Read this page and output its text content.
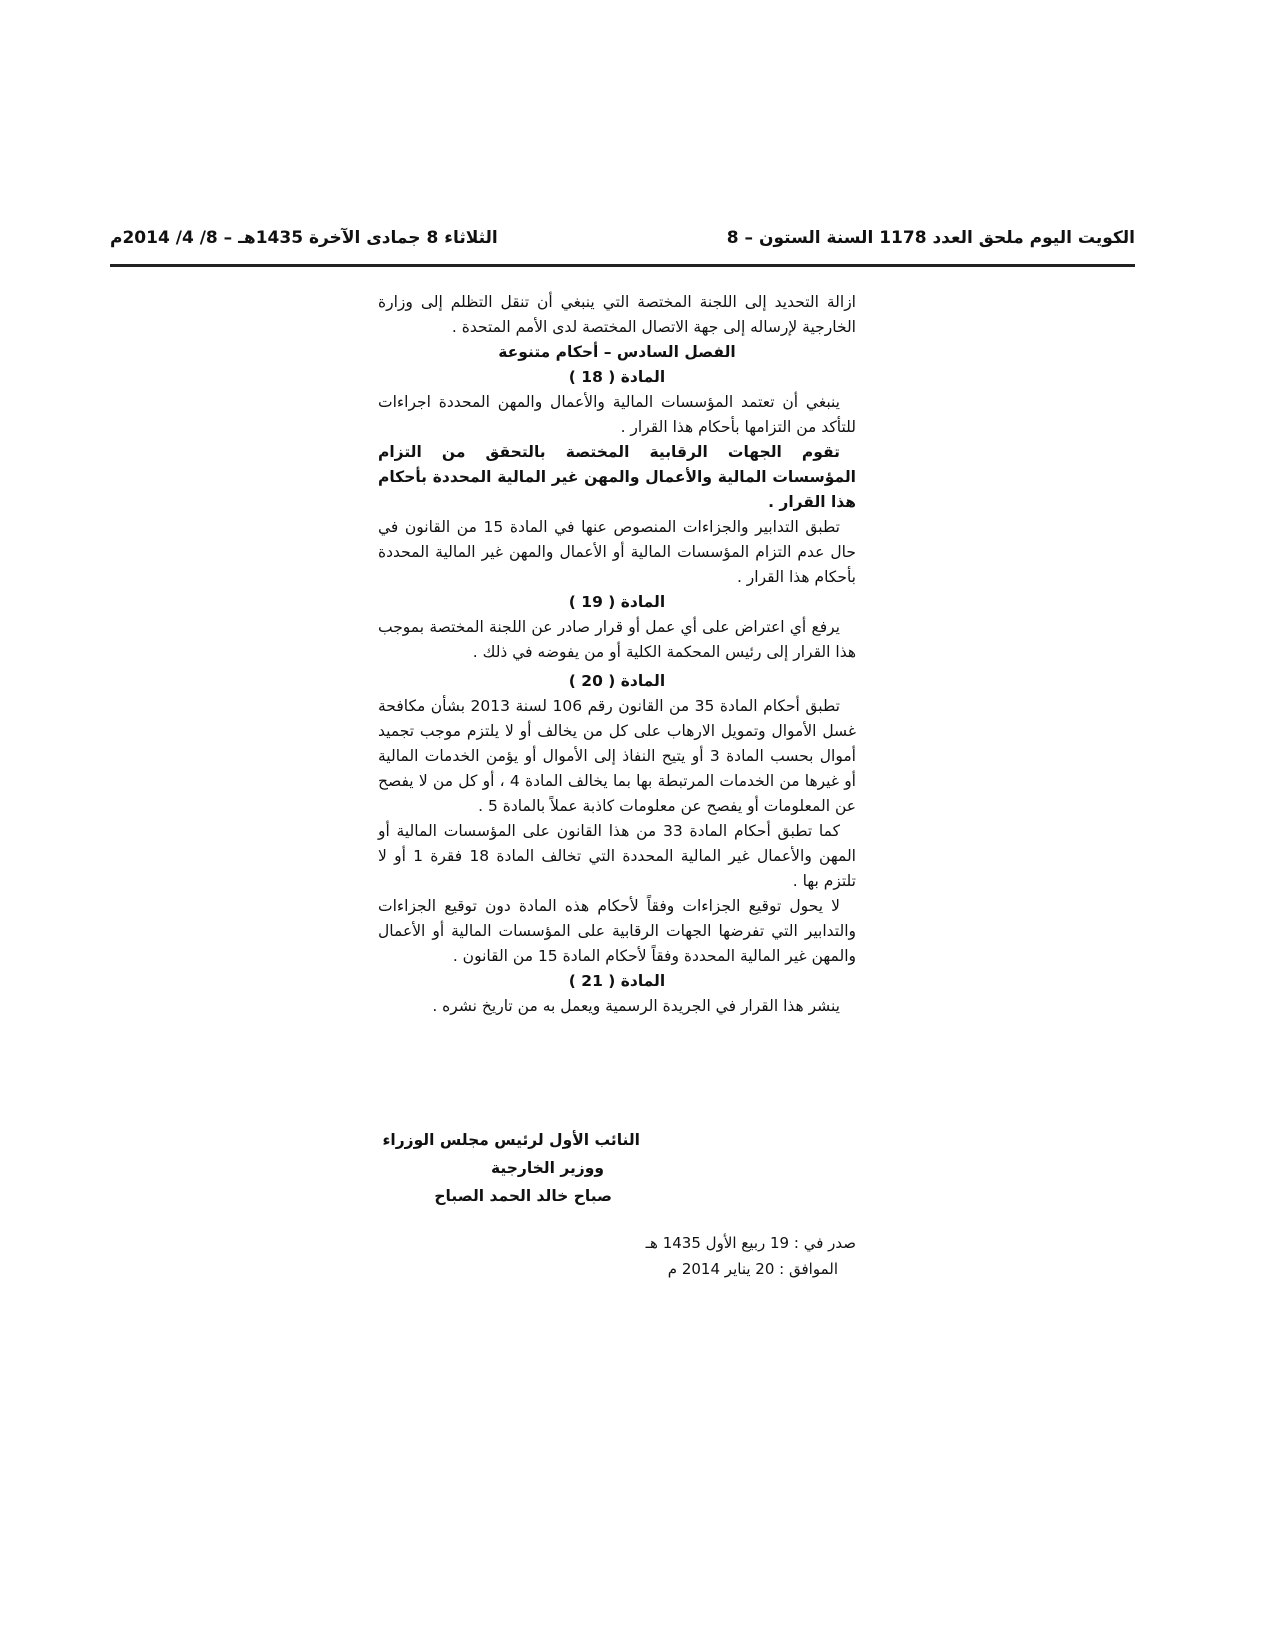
الكويت اليوم ملحق العدد 1178 السنة الستون – 8
الثلاثاء 8 جمادى الآخرة 1435هـ – 8/ 4/ 2014م

ازالة التحديد إلى اللجنة المختصة التي ينبغي أن تنقل التظلم إلى وزارة الخارجية لإرساله إلى جهة الاتصال المختصة لدى الأمم المتحدة .

الفصل السادس – أحكام متنوعة
المادة ( 18 )

ينبغي أن تعتمد المؤسسات المالية والأعمال والمهن المحددة اجراءات للتأكد من التزامها بأحكام هذا القرار .

تقوم الجهات الرقابية المختصة بالتحقق من التزام المؤسسات المالية والأعمال والمهن غير المالية المحددة بأحكام هذا القرار .

تطبق التدابير والجزاءات المنصوص عنها في المادة 15 من القانون في حال عدم التزام المؤسسات المالية أو الأعمال والمهن غير المالية المحددة بأحكام هذا القرار .

المادة ( 19 )

يرفع أي اعتراض على أي عمل أو قرار صادر عن اللجنة المختصة بموجب هذا القرار إلى رئيس المحكمة الكلية أو من يفوضه في ذلك .

المادة ( 20 )

تطبق أحكام المادة 35 من القانون رقم 106 لسنة 2013 بشأن مكافحة غسل الأموال وتمويل الارهاب على كل من يخالف أو لا يلتزم موجب تجميد أموال بحسب المادة 3 أو يتيح النفاذ إلى الأموال أو يؤمن الخدمات المالية أو غيرها من الخدمات المرتبطة بها بما يخالف المادة 4 ، أو كل من لا يفصح عن المعلومات أو يفصح عن معلومات كاذبة عملاً بالمادة 5 .

كما تطبق أحكام المادة 33 من هذا القانون على المؤسسات المالية أو المهن والأعمال غير المالية المحددة التي تخالف المادة 18 فقرة 1 أو لا تلتزم بها .

لا يحول توقيع الجزاءات وفقاً لأحكام هذه المادة دون توقيع الجزاءات والتدابير التي تفرضها الجهات الرقابية على المؤسسات المالية أو الأعمال والمهن غير المالية المحددة وفقاً لأحكام المادة 15 من القانون .

المادة ( 21 )

ينشر هذا القرار في الجريدة الرسمية ويعمل به من تاريخ نشره .

النائب الأول لرئيس مجلس الوزراء
ووزير الخارجية
صباح خالد الحمد الصباح
صدر في : 19 ربيع الأول 1435 هـ
الموافق : 20 يناير 2014 م
